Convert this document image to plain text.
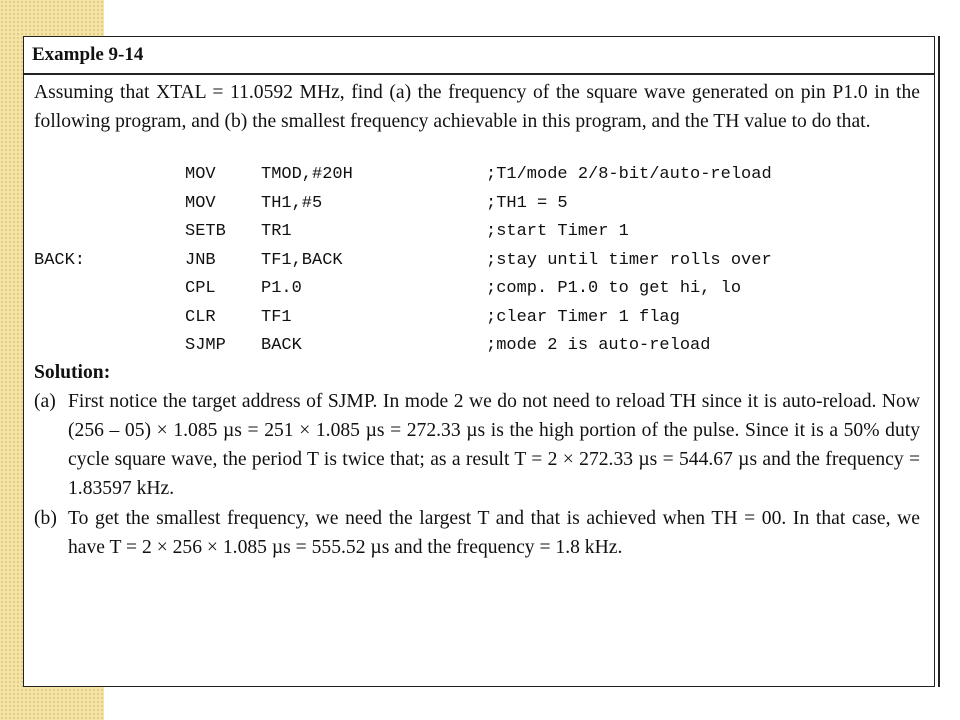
Example 9-14

Assuming that XTAL = 11.0592 MHz, find (a) the frequency of the square wave generated on pin P1.0 in the following program, and (b) the smallest frequency achievable in this program, and the TH value to do that.

MOV	TMOD,#20H	;T1/mode 2/8-bit/auto-reload
MOV	TH1,#5	;TH1 = 5
SETB	TR1	;start Timer 1
BACK:	JNB	TF1,BACK	;stay until timer rolls over
CPL	P1.0	;comp. P1.0 to get hi, lo
CLR	TF1	;clear Timer 1 flag
SJMP	BACK	;mode 2 is auto-reload
Solution:
(a) First notice the target address of SJMP. In mode 2 we do not need to reload TH since it is auto-reload. Now (256 – 05) × 1.085 µs = 251 × 1.085 µs = 272.33 µs is the high portion of the pulse. Since it is a 50% duty cycle square wave, the period T is twice that; as a result T = 2 × 272.33 µs = 544.67 µs and the frequency = 1.83597 kHz.
(b) To get the smallest frequency, we need the largest T and that is achieved when TH = 00. In that case, we have T = 2 × 256 × 1.085 µs = 555.52 µs and the frequency = 1.8 kHz.
